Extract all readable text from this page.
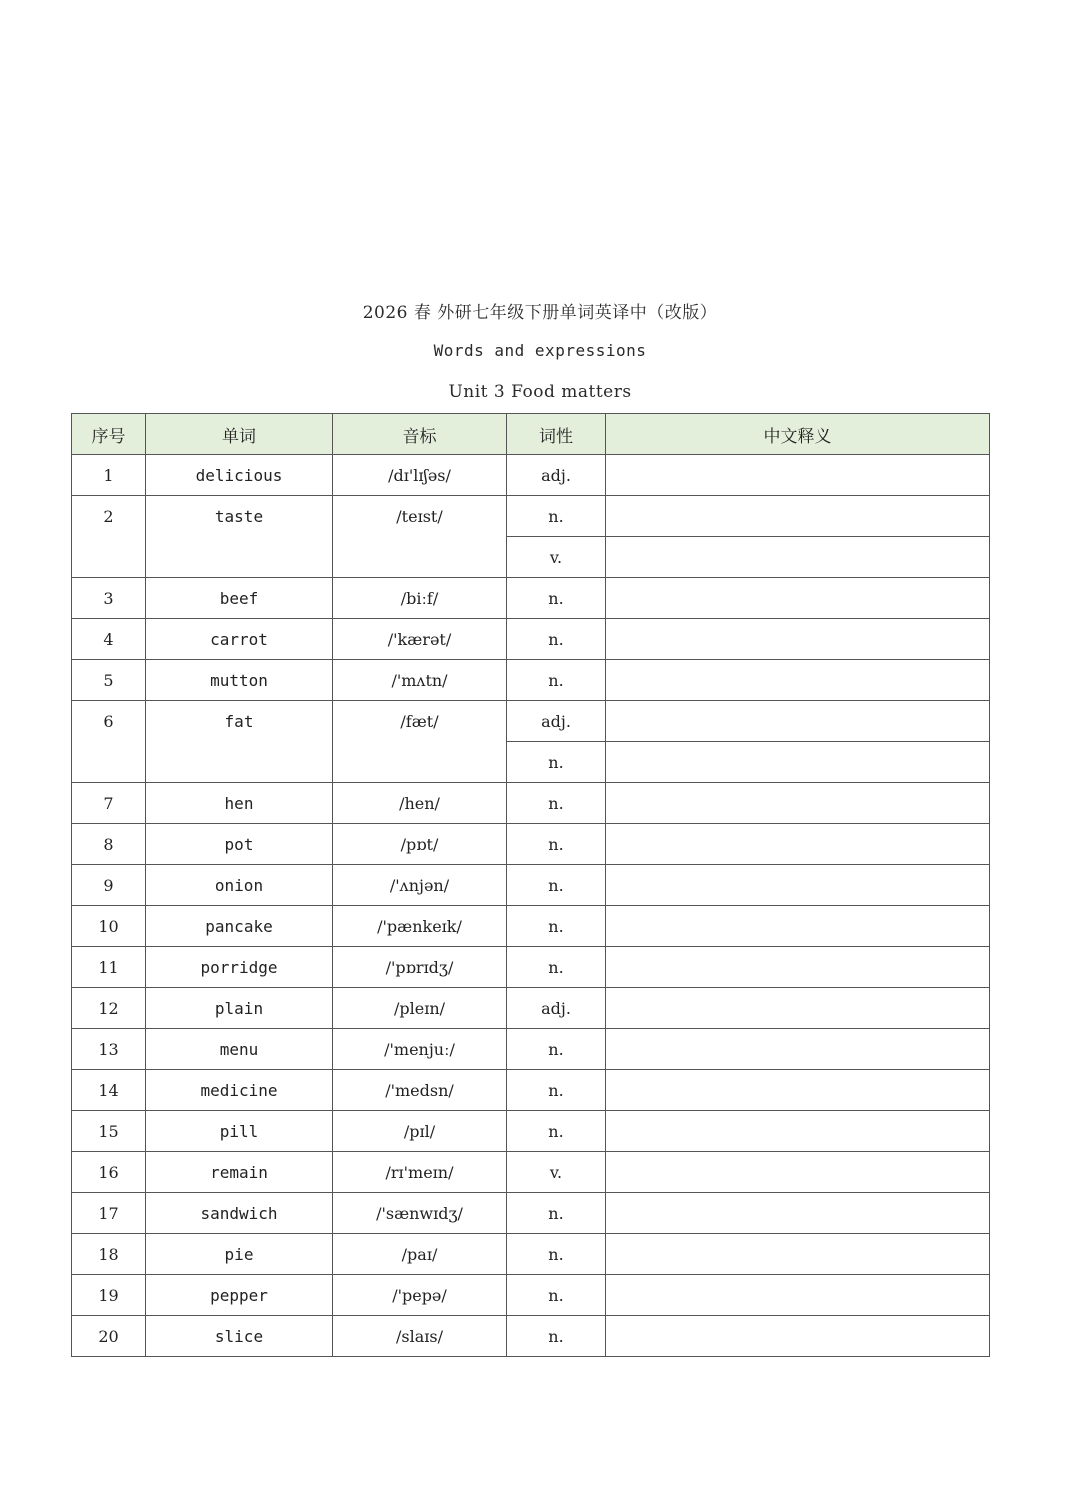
2026 春 外研七年级下册单词英译中（改版）
Words and expressions
Unit 3 Food matters
序号	单词	音标	词性	中文释义
1	delicious	/dɪ'lɪʃəs/	adj.	
2	taste	/teɪst/	n.	
			v.	
3	beef	/biːf/	n.	
4	carrot	/'kærət/	n.	
5	mutton	/'mʌtn/	n.	
6	fat	/fæt/	adj.	
			n.	
7	hen	/hen/	n.	
8	pot	/pɒt/	n.	
9	onion	/'ʌnjən/	n.	
10	pancake	/'pænkeɪk/	n.	
11	porridge	/'pɒrɪdʒ/	n.	
12	plain	/pleɪn/	adj.	
13	menu	/'menjuː/	n.	
14	medicine	/'medsn/	n.	
15	pill	/pɪl/	n.	
16	remain	/rɪ'meɪn/	v.	
17	sandwich	/'sænwɪdʒ/	n.	
18	pie	/paɪ/	n.	
19	pepper	/'pepə/	n.	
20	slice	/slaɪs/	n.	
